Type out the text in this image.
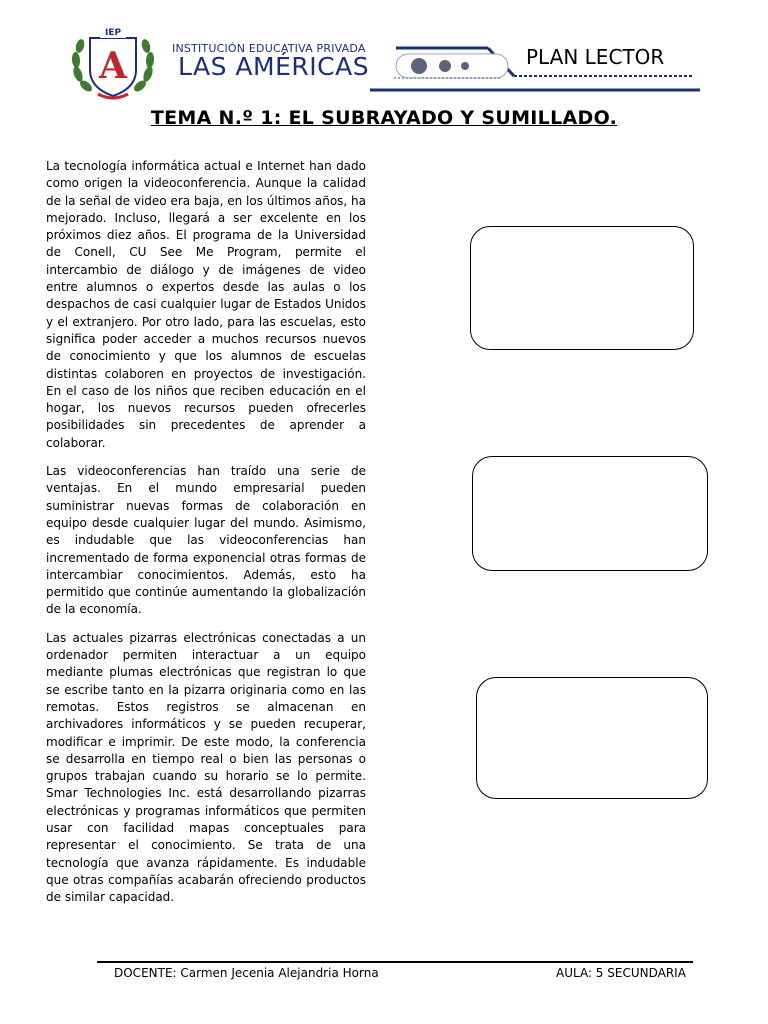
IEP
A	INSTITUCIÓN EDUCATIVA PRIVADA
LAS AMÉRICAS	PLAN LECTOR
TEMA N.º 1: EL SUBRAYADO Y SUMILLADO.

La tecnología informática actual e Internet han dado como origen la videoconferencia. Aunque la calidad de la señal de video era baja, en los últimos años, ha mejorado. Incluso, llegará a ser excelente en los próximos diez años. El programa de la Universidad de Conell, CU See Me Program, permite el intercambio de diálogo y de imágenes de video entre alumnos o expertos desde las aulas o los despachos de casi cualquier lugar de Estados Unidos y el extranjero. Por otro lado, para las escuelas, esto significa poder acceder a muchos recursos nuevos de conocimiento y que los alumnos de escuelas distintas colaboren en proyectos de investigación. En el caso de los niños que reciben educación en el hogar, los nuevos recursos pueden ofrecerles posibilidades sin precedentes de aprender a colaborar.

Las videoconferencias han traído una serie de ventajas. En el mundo empresarial pueden suministrar nuevas formas de colaboración en equipo desde cualquier lugar del mundo. Asimismo, es indudable que las videoconferencias han incrementado de forma exponencial otras formas de intercambiar conocimientos. Además, esto ha permitido que continúe aumentando la globalización de la economía.

Las actuales pizarras electrónicas conectadas a un ordenador permiten interactuar a un equipo mediante plumas electrónicas que registran lo que se escribe tanto en la pizarra originaria como en las remotas. Estos registros se almacenan en archivadores informáticos y se pueden recuperar, modificar e imprimir. De este modo, la conferencia se desarrolla en tiempo real o bien las personas o grupos trabajan cuando su horario se lo permite. Smar Technologies Inc. está desarrollando pizarras electrónicas y programas informáticos que permiten usar con facilidad mapas conceptuales para representar el conocimiento. Se trata de una tecnología que avanza rápidamente. Es indudable que otras compañías acabarán ofreciendo productos de similar capacidad.

DOCENTE: Carmen Jecenia Alejandria Horna	AULA: 5 SECUNDARIA
